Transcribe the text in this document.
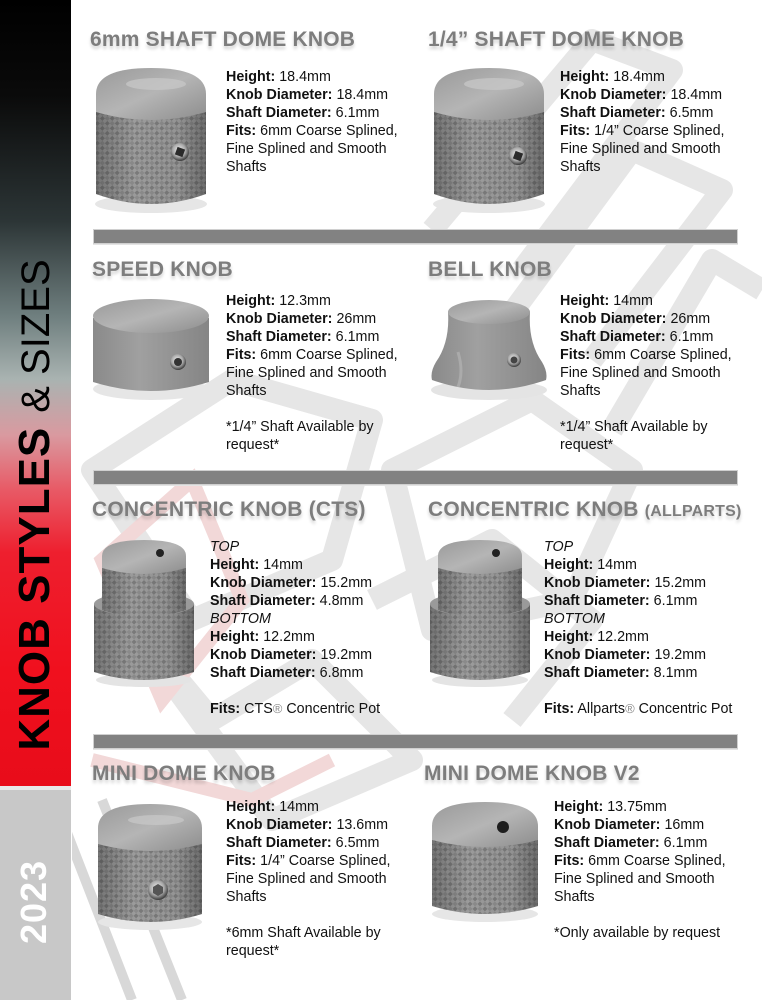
KNOB STYLES& SIZES
2023
6mm SHAFT DOME KNOB
Height: 18.4mm
Knob Diameter: 18.4mm
Shaft Diameter: 6.1mm
Fits: 6mm Coarse Splined,
Fine Splined and Smooth
Shafts
1/4” SHAFT DOME KNOB
Height: 18.4mm
Knob Diameter: 18.4mm
Shaft Diameter: 6.5mm
Fits: 1/4” Coarse Splined,
Fine Splined and Smooth
Shafts
SPEED KNOB
Height: 12.3mm
Knob Diameter: 26mm
Shaft Diameter: 6.1mm
Fits: 6mm Coarse Splined,
Fine Splined and Smooth
Shafts
*1/4” Shaft Available by
request*
BELL KNOB
Height: 14mm
Knob Diameter: 26mm
Shaft Diameter: 6.1mm
Fits: 6mm Coarse Splined,
Fine Splined and Smooth
Shafts
*1/4” Shaft Available by
request*
CONCENTRIC KNOB (CTS)
TOP
Height: 14mm
Knob Diameter: 15.2mm
Shaft Diameter: 4.8mm
BOTTOM
Height: 12.2mm
Knob Diameter: 19.2mm
Shaft Diameter: 6.8mm
Fits: CTS® Concentric Pot
CONCENTRIC KNOB (ALLPARTS)
TOP
Height: 14mm
Knob Diameter: 15.2mm
Shaft Diameter: 6.1mm
BOTTOM
Height: 12.2mm
Knob Diameter: 19.2mm
Shaft Diameter: 8.1mm
Fits: Allparts® Concentric Pot
MINI DOME KNOB
Height: 14mm
Knob Diameter: 13.6mm
Shaft Diameter: 6.5mm
Fits: 1/4” Coarse Splined,
Fine Splined and Smooth
Shafts
*6mm Shaft Available by
request*
MINI DOME KNOB V2
Height: 13.75mm
Knob Diameter: 16mm
Shaft Diameter: 6.1mm
Fits: 6mm Coarse Splined,
Fine Splined and Smooth
Shafts
*Only available by request
